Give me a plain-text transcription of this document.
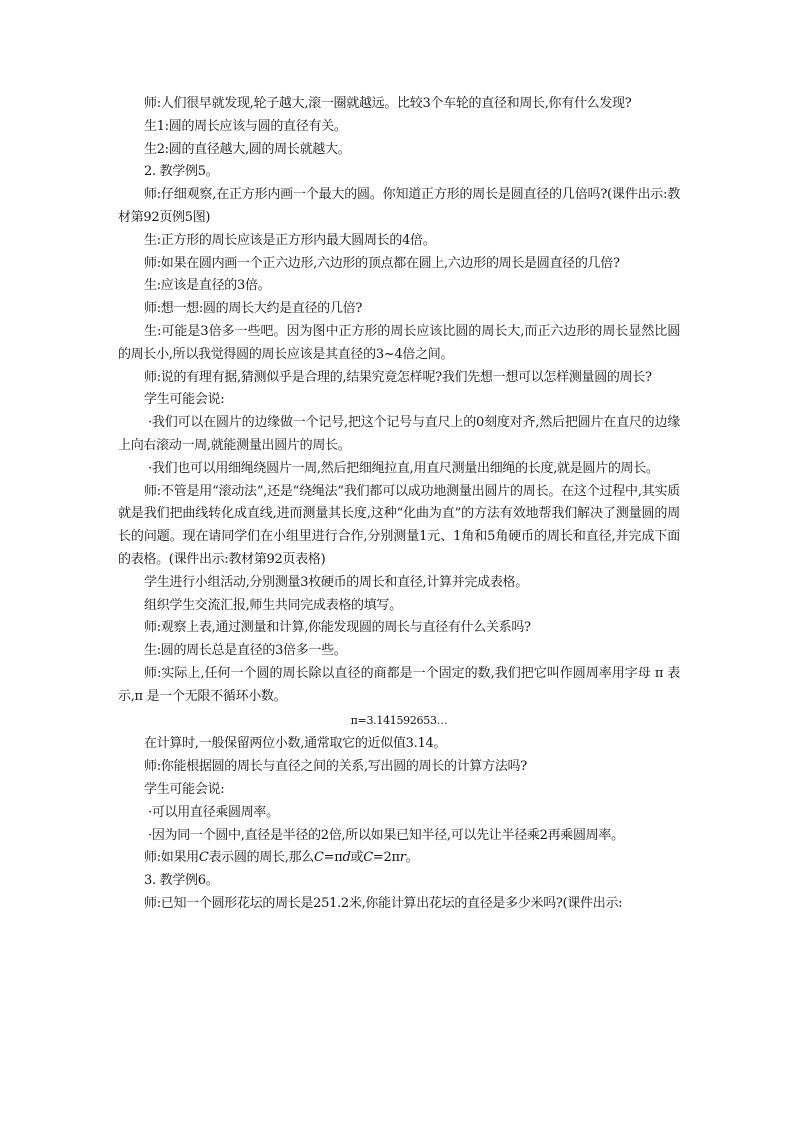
师:人们很早就发现,轮子越大,滚一圈就越远。比较3个车轮的直径和周长,你有什么发现?

生1:圆的周长应该与圆的直径有关。

生2:圆的直径越大,圆的周长就越大。

2. 教学例5。

师:仔细观察,在正方形内画一个最大的圆。你知道正方形的周长是圆直径的几倍吗?(课件出示:教材第92页例5图)

生:正方形的周长应该是正方形内最大圆周长的4倍。

师:如果在圆内画一个正六边形,六边形的顶点都在圆上,六边形的周长是圆直径的几倍?

生:应该是直径的3倍。

师:想一想:圆的周长大约是直径的几倍?

生:可能是3倍多一些吧。因为图中正方形的周长应该比圆的周长大,而正六边形的周长显然比圆的周长小,所以我觉得圆的周长应该是其直径的3~4倍之间。

师:说的有理有据,猜测似乎是合理的,结果究竟怎样呢?我们先想一想可以怎样测量圆的周长?

学生可能会说:

·我们可以在圆片的边缘做一个记号,把这个记号与直尺上的0刻度对齐,然后把圆片在直尺的边缘上向右滚动一周,就能测量出圆片的周长。

·我们也可以用细绳绕圆片一周,然后把细绳拉直,用直尺测量出细绳的长度,就是圆片的周长。

师:不管是用“滚动法”,还是“绕绳法”我们都可以成功地测量出圆片的周长。在这个过程中,其实质就是我们把曲线转化成直线,进而测量其长度,这种“化曲为直”的方法有效地帮我们解决了测量圆的周长的问题。现在请同学们在小组里进行合作,分别测量1元、1角和5角硬币的周长和直径,并完成下面的表格。(课件出示:教材第92页表格)

学生进行小组活动,分别测量3枚硬币的周长和直径,计算并完成表格。

组织学生交流汇报,师生共同完成表格的填写。

师:观察上表,通过测量和计算,你能发现圆的周长与直径有什么关系吗?

生:圆的周长总是直径的3倍多一些。

师:实际上,任何一个圆的周长除以直径的商都是一个固定的数,我们把它叫作圆周率用字母 π 表示,π 是一个无限不循环小数。

π=3.141592653…

在计算时,一般保留两位小数,通常取它的近似值3.14。

师:你能根据圆的周长与直径之间的关系,写出圆的周长的计算方法吗?

学生可能会说:

·可以用直径乘圆周率。

·因为同一个圆中,直径是半径的2倍,所以如果已知半径,可以先让半径乘2再乘圆周率。

师:如果用C表示圆的周长,那么C=πd或C=2πr。

3. 教学例6。

师:已知一个圆形花坛的周长是251.2米,你能计算出花坛的直径是多少米吗?(课件出示:
